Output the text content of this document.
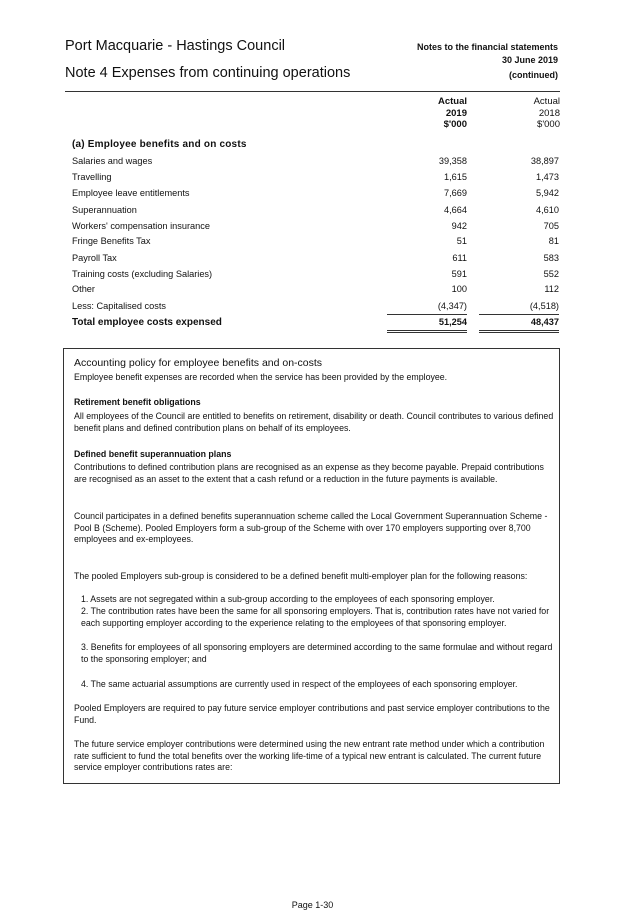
Port Macquarie - Hastings Council
Note 4 Expenses from continuing operations
Notes to the financial statements
30 June 2019
(continued)
Actual
2019
$'000
Actual
2018
$'000
(a) Employee benefits and on costs
Salaries and wages	39,358	38,897
Travelling	1,615	1,473
Employee leave entitlements	7,669	5,942
Superannuation	4,664	4,610
Workers' compensation insurance	942	705
Fringe Benefits Tax	51	81
Payroll Tax	611	583
Training costs (excluding Salaries)	591	552
Other	100	112
Less: Capitalised costs	(4,347)	(4,518)
Total employee costs expensed	51,254	48,437
Accounting policy for employee benefits and on-costs
Employee benefit expenses are recorded when the service has been provided by the employee.
Retirement benefit obligations
All employees of the Council are entitled to benefits on retirement, disability or death. Council contributes to various defined benefit plans and defined contribution plans on behalf of its employees.
Defined benefit superannuation plans
Contributions to defined contribution plans are recognised as an expense as they become payable. Prepaid contributions are recognised as an asset to the extent that a cash refund or a reduction in the future payments is available.
Council participates in a defined benefits superannuation scheme called the Local Government Superannuation Scheme - Pool B (Scheme). Pooled Employers form a sub-group of the Scheme with over 170 employers supporting over 8,700 employees and ex-employees.
The pooled Employers sub-group is considered to be a defined benefit multi-employer plan for the following reasons:
1. Assets are not segregated within a sub-group according to the employees of each sponsoring employer.
2. The contribution rates have been the same for all sponsoring employers. That is, contribution rates have not varied for each supporting employer according to the experience relating to the employees of that sponsoring employer.
3. Benefits for employees of all sponsoring employers are determined according to the same formulae and without regard to the sponsoring employer; and
4. The same actuarial assumptions are currently used in respect of the employees of each sponsoring employer.
Pooled Employers are required to pay future service employer contributions and past service employer contributions to the Fund.
The future service employer contributions were determined using the new entrant rate method under which a contribution rate sufficient to fund the total benefits over the working life-time of a typical new entrant is calculated. The current future service employer contributions rates are:
Page 1-30
